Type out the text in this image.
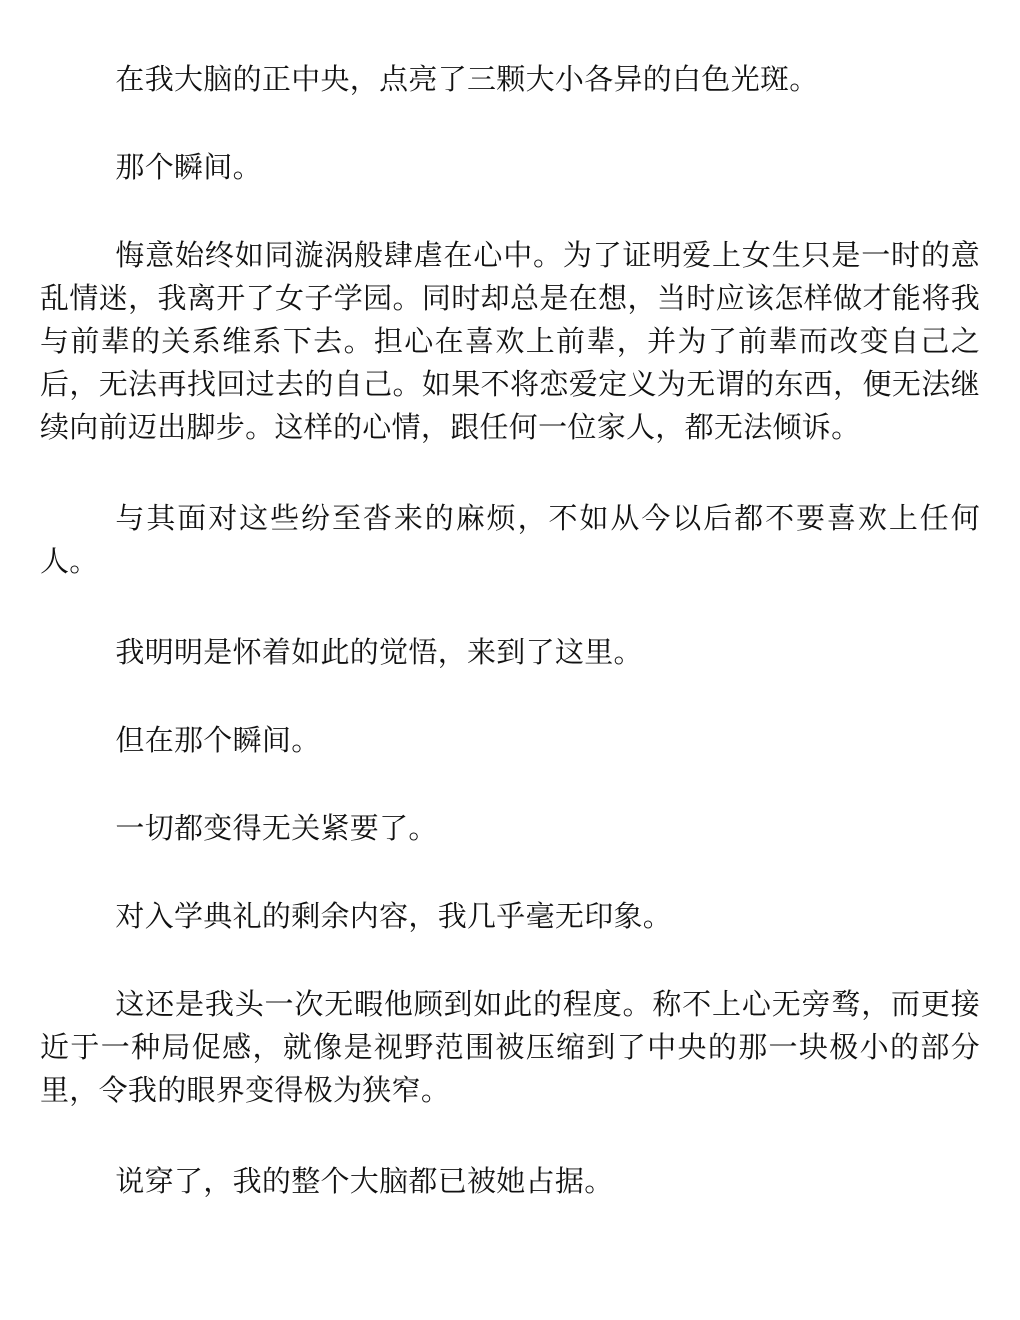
在我大脑的正中央，点亮了三颗大小各异的白色光斑。

那个瞬间。

悔意始终如同漩涡般肆虐在心中。为了证明爱上女生只是一时的意乱情迷，我离开了女子学园。同时却总是在想，当时应该怎样做才能将我与前辈的关系维系下去。担心在喜欢上前辈，并为了前辈而改变自己之后，无法再找回过去的自己。如果不将恋爱定义为无谓的东西，便无法继续向前迈出脚步。这样的心情，跟任何一位家人，都无法倾诉。

与其面对这些纷至沓来的麻烦，不如从今以后都不要喜欢上任何人。

我明明是怀着如此的觉悟，来到了这里。

但在那个瞬间。

一切都变得无关紧要了。

对入学典礼的剩余内容，我几乎毫无印象。

这还是我头一次无暇他顾到如此的程度。称不上心无旁骛，而更接近于一种局促感，就像是视野范围被压缩到了中央的那一块极小的部分里，令我的眼界变得极为狭窄。

说穿了，我的整个大脑都已被她占据。
